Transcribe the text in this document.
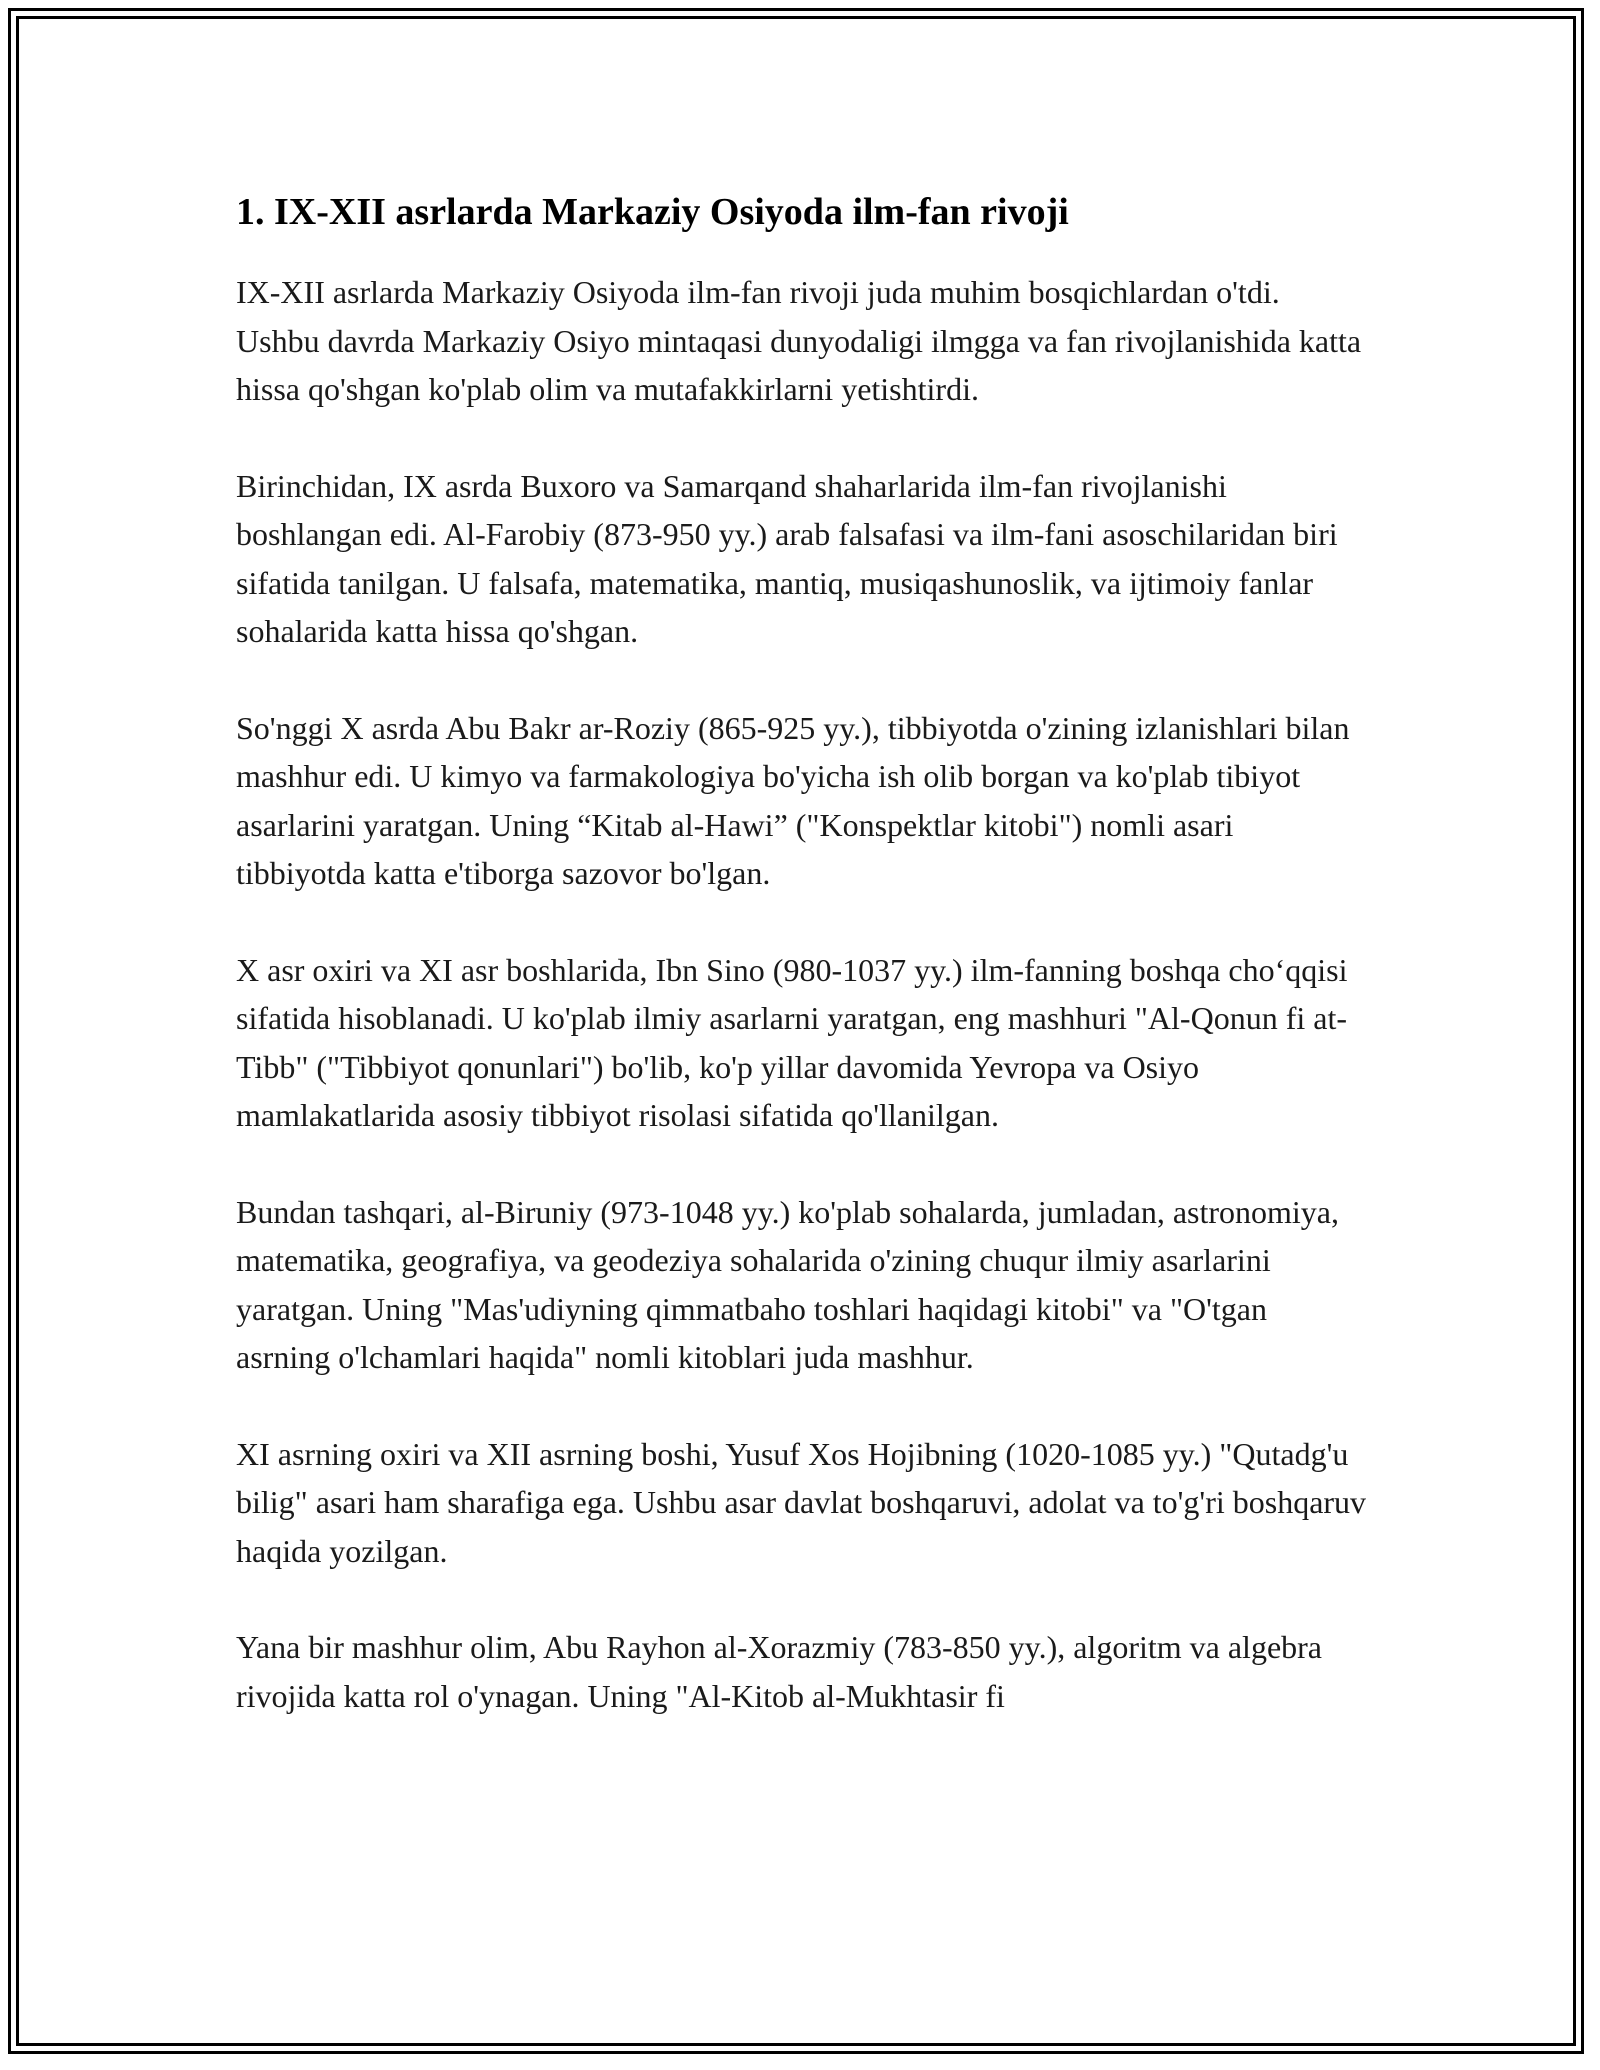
1. IX-XII asrlarda Markaziy Osiyoda ilm-fan rivoji

IX-XII asrlarda Markaziy Osiyoda ilm-fan rivoji juda muhim bosqichlardan o'tdi. Ushbu davrda Markaziy Osiyo mintaqasi dunyodaligi ilmgga va fan rivojlanishida katta hissa qo'shgan ko'plab olim va mutafakkirlarni yetishtirdi.

Birinchidan, IX asrda Buxoro va Samarqand shaharlarida ilm-fan rivojlanishi boshlangan edi. Al-Farobiy (873-950 yy.) arab falsafasi va ilm-fani asoschilaridan biri sifatida tanilgan. U falsafa, matematika, mantiq, musiqashunoslik, va ijtimoiy fanlar sohalarida katta hissa qo'shgan.

So'nggi X asrda Abu Bakr ar-Roziy (865-925 yy.), tibbiyotda o'zining izlanishlari bilan mashhur edi. U kimyo va farmakologiya bo'yicha ish olib borgan va ko'plab tibiyot asarlarini yaratgan. Uning “Kitab al-Hawi” ("Konspektlar kitobi") nomli asari tibbiyotda katta e'tiborga sazovor bo'lgan.

X asr oxiri va XI asr boshlarida, Ibn Sino (980-1037 yy.) ilm-fanning boshqa cho‘qqisi sifatida hisoblanadi. U ko'plab ilmiy asarlarni yaratgan, eng mashhuri "Al-Qonun fi at-Tibb" ("Tibbiyot qonunlari") bo'lib, ko'p yillar davomida Yevropa va Osiyo mamlakatlarida asosiy tibbiyot risolasi sifatida qo'llanilgan.

Bundan tashqari, al-Biruniy (973-1048 yy.) ko'plab sohalarda, jumladan, astronomiya, matematika, geografiya, va geodeziya sohalarida o'zining chuqur ilmiy asarlarini yaratgan. Uning "Mas'udiyning qimmatbaho toshlari haqidagi kitobi" va "O'tgan asrning o'lchamlari haqida" nomli kitoblari juda mashhur.

XI asrning oxiri va XII asrning boshi, Yusuf Xos Hojibning (1020-1085 yy.) "Qutadg'u bilig" asari ham sharafiga ega. Ushbu asar davlat boshqaruvi, adolat va to'g'ri boshqaruv haqida yozilgan.

Yana bir mashhur olim, Abu Rayhon al-Xorazmiy (783-850 yy.), algoritm va algebra rivojida katta rol o'ynagan. Uning "Al-Kitob al-Mukhtasir fi
